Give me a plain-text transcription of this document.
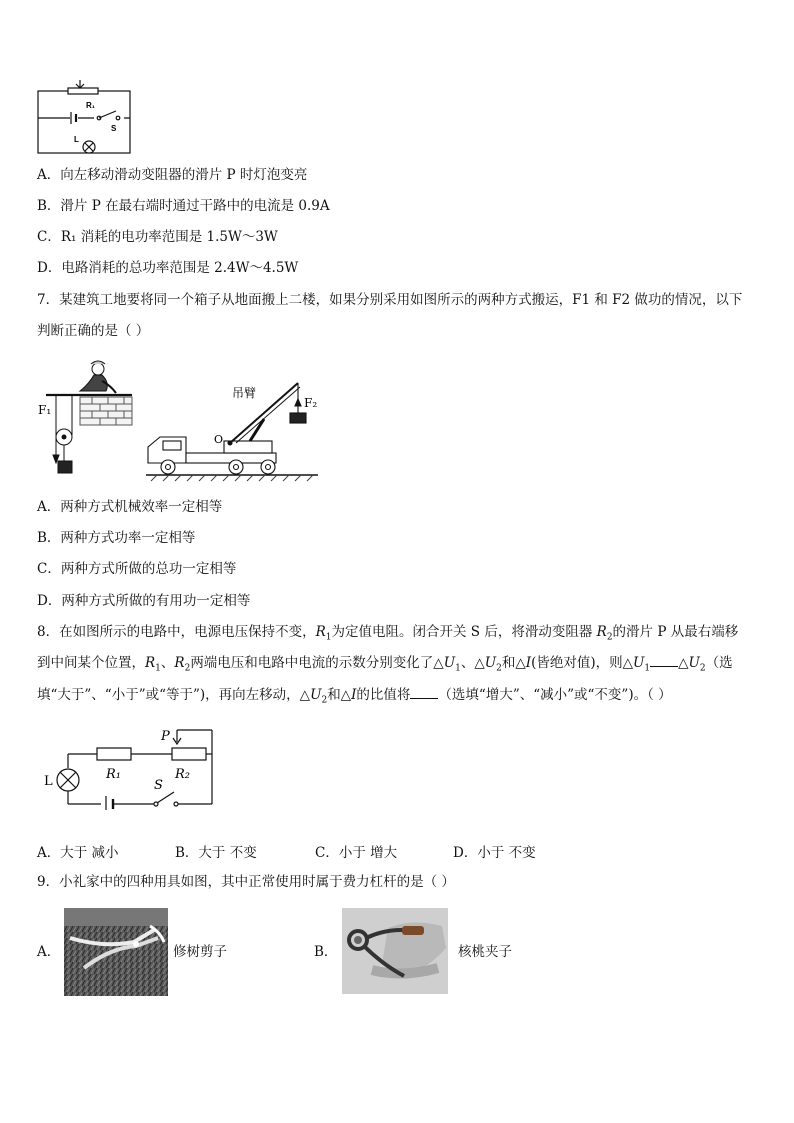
R₁
S
L
A．向左移动滑动变阻器的滑片 P 时灯泡变亮
B．滑片 P 在最右端时通过干路中的电流是 0.9A
C．R₁ 消耗的电功率范围是 1.5W～3W
D．电路消耗的总功率范围是 2.4W～4.5W
7．某建筑工地要将同一个箱子从地面搬上二楼，如果分别采用如图所示的两种方式搬运，F1 和 F2 做功的情况，以下
判断正确的是（ ）
F₁
吊臂
F₂
O
A．两种方式机械效率一定相等
B．两种方式功率一定相等
C．两种方式所做的总功一定相等
D．两种方式所做的有用功一定相等
8．在如图所示的电路中，电源电压保持不变，$R_1$为定值电阻。闭合开关 S 后，将滑动变阻器 $R_2$的滑片 P 从最右端移
到中间某个位置，$R_1$、$R_2$两端电压和电路中电流的示数分别变化了$\triangle U_1$、$\triangle U_2$和△I(皆绝对值)，则$\triangle U_1$ $\triangle U_2$（选
填“大于”、“小于”或“等于”)，再向左移动，$\triangle U_2$和△I的比值将 （选填“增大”、“减小”或“不变”)。（ ）
P
R₁	R₂
L	S
A．大于 减小	B．大于 不变	C．小于 增大	D．小于 不变
9．小礼家中的四种用具如图，其中正常使用时属于费力杠杆的是（ ）
A．	修树剪子	B．	核桃夹子
